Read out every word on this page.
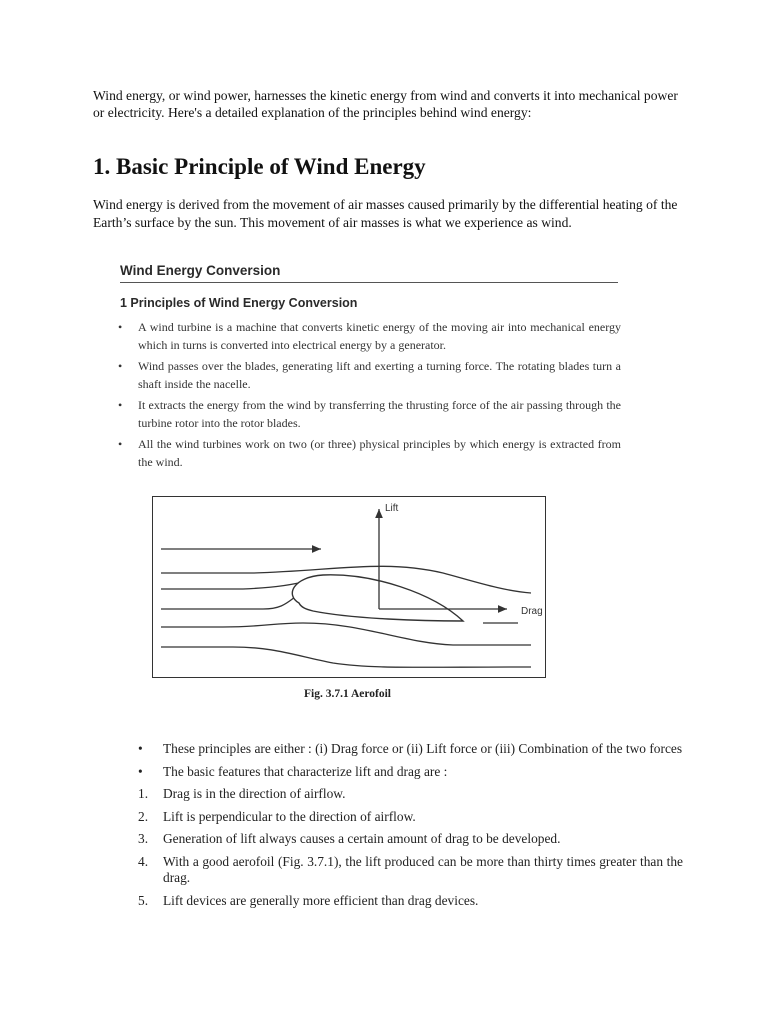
Wind energy, or wind power, harnesses the kinetic energy from wind and converts it into mechanical power or electricity. Here's a detailed explanation of the principles behind wind energy:

1. Basic Principle of Wind Energy

Wind energy is derived from the movement of air masses caused primarily by the differential heating of the Earth’s surface by the sun. This movement of air masses is what we experience as wind.

Wind Energy Conversion
1 Principles of Wind Energy Conversion
• A wind turbine is a machine that converts kinetic energy of the moving air into mechanical energy which in turns is converted into electrical energy by a generator.
• Wind passes over the blades, generating lift and exerting a turning force. The rotating blades turn a shaft inside the nacelle.
• It extracts the energy from the wind by transferring the thrusting force of the air passing through the turbine rotor into the rotor blades.
• All the wind turbines work on two (or three) physical principles by which energy is extracted from the wind.
Lift
Drag
Fig. 3.7.1 Aerofoil
• These principles are either : (i) Drag force or (ii) Lift force or (iii) Combination of the two forces
• The basic features that characterize lift and drag are :
1. Drag is in the direction of airflow.
2. Lift is perpendicular to the direction of airflow.
3. Generation of lift always causes a certain amount of drag to be developed.
4. With a good aerofoil (Fig. 3.7.1), the lift produced can be more than thirty times greater than the drag.
5. Lift devices are generally more efficient than drag devices.
